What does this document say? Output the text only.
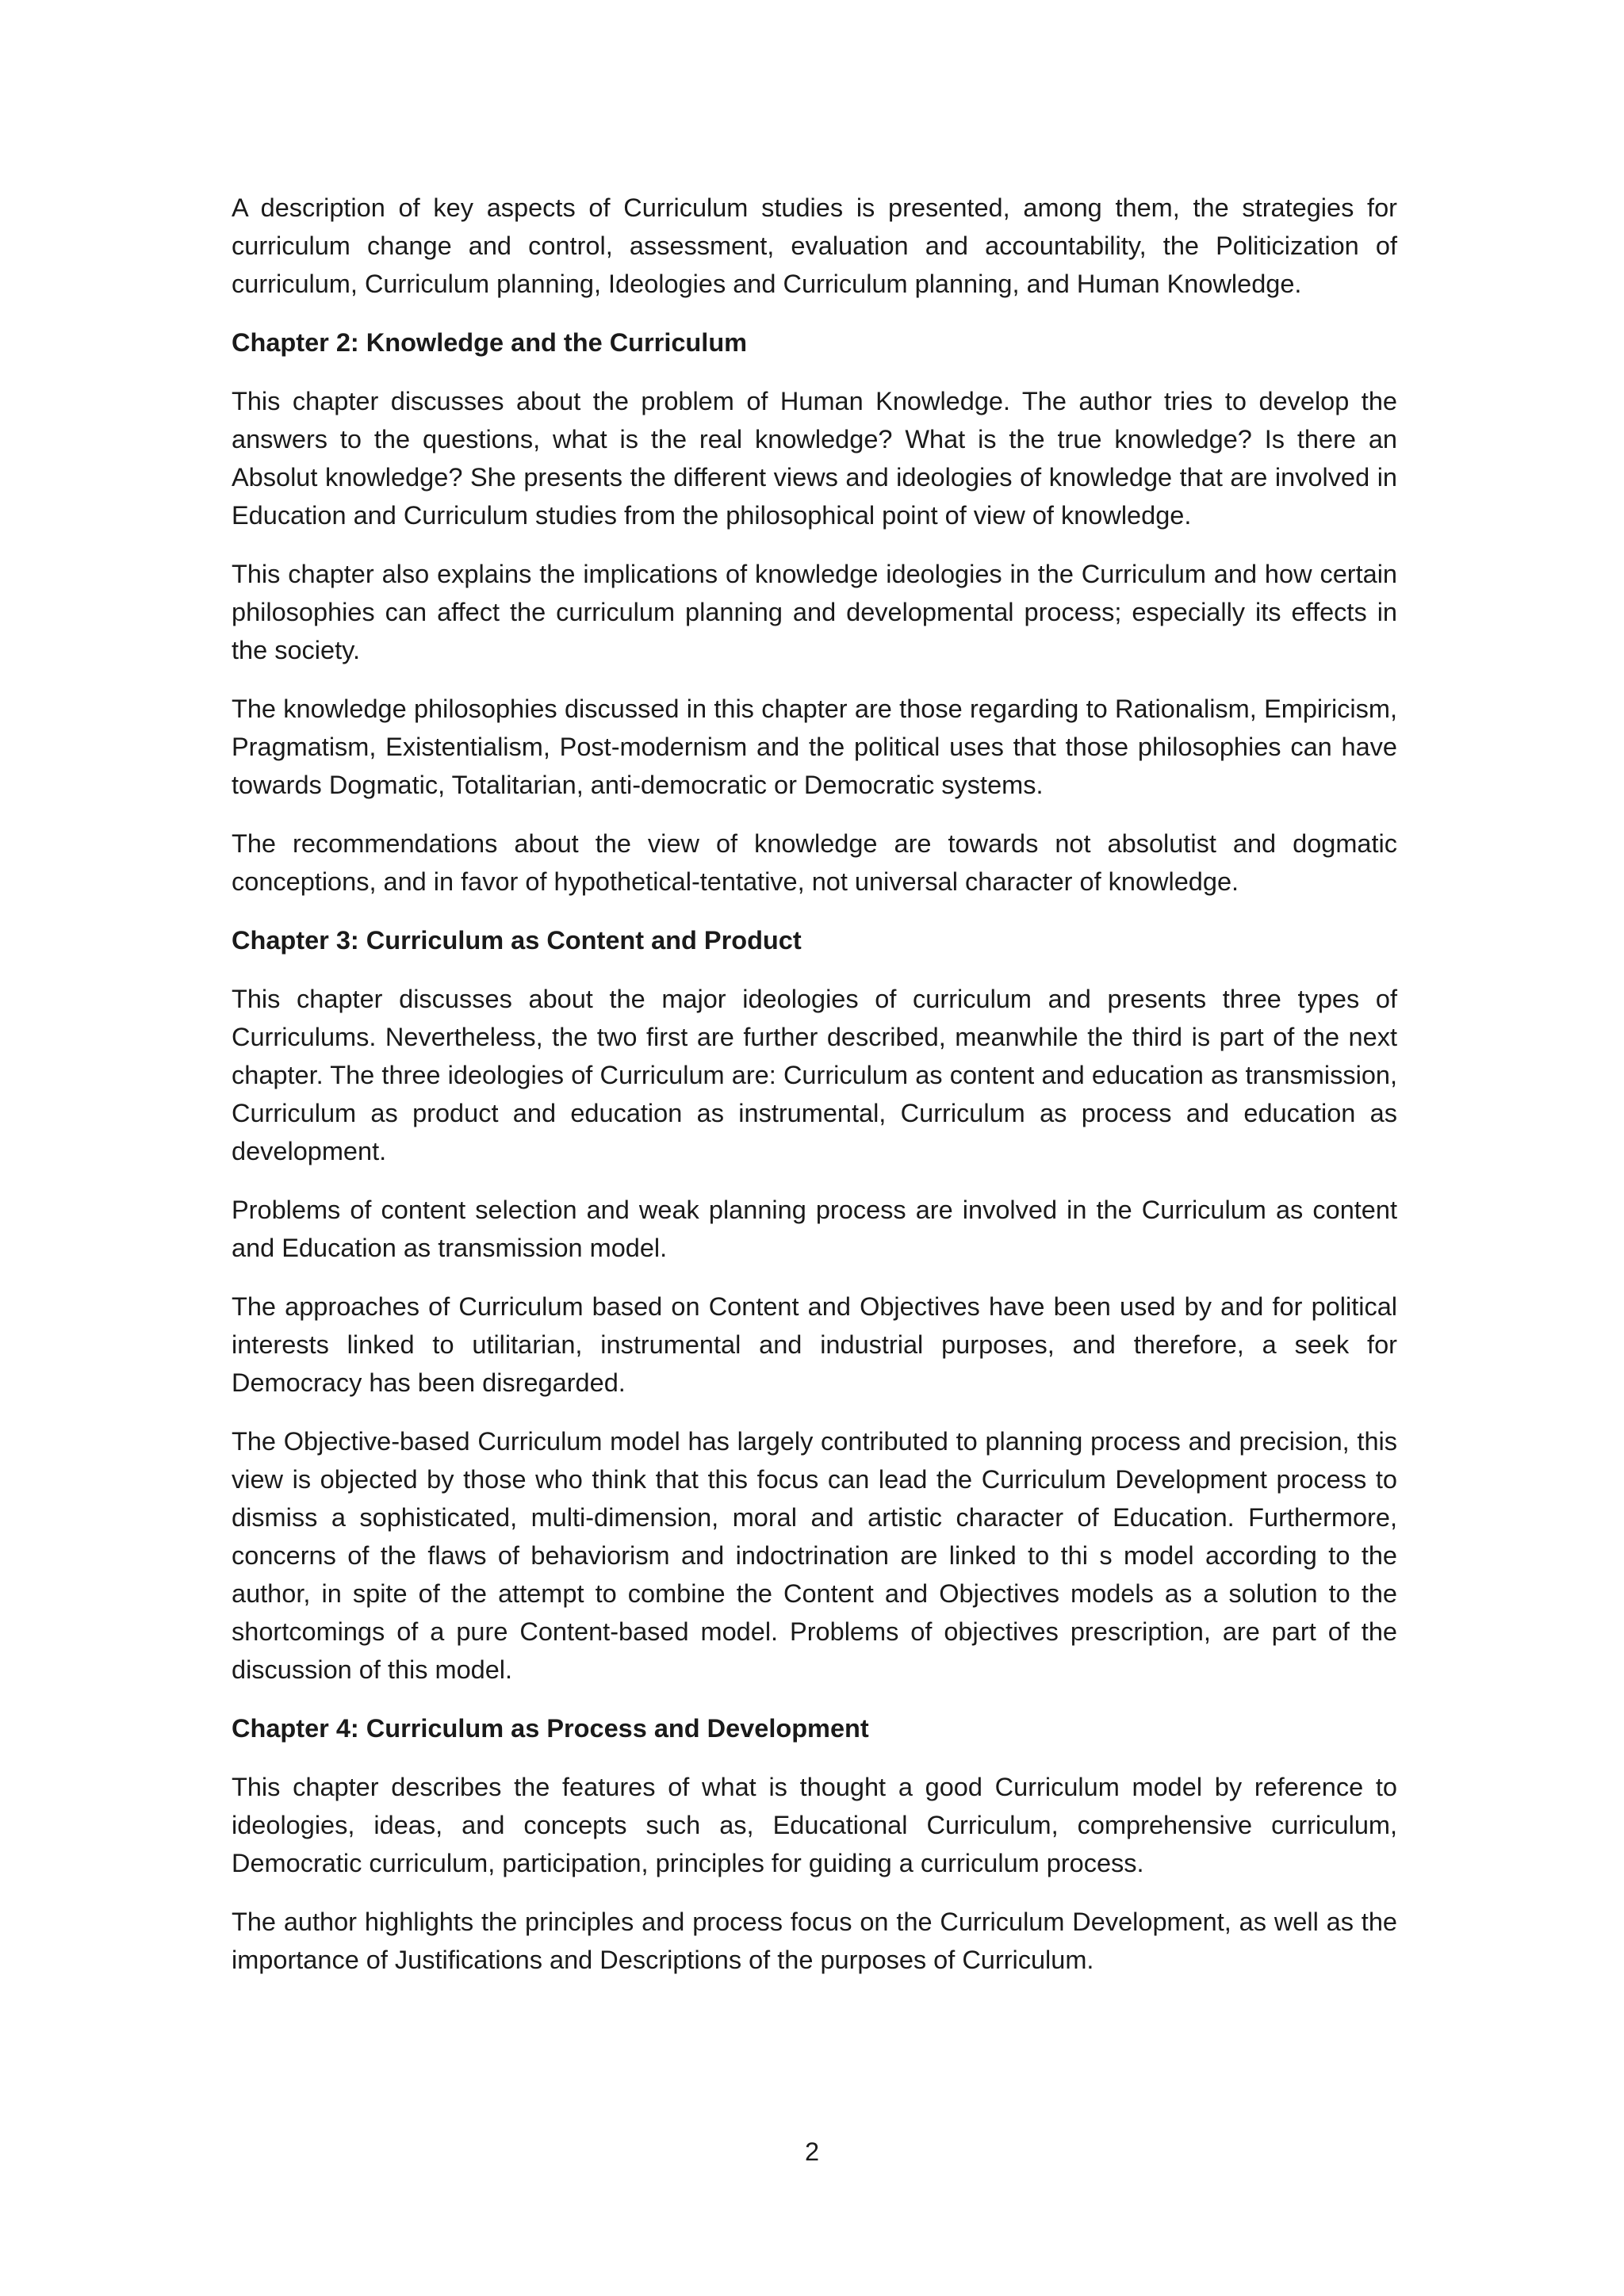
A description of key aspects of Curriculum studies is presented, among them, the strategies for curriculum change and control, assessment, evaluation and accountability, the Politicization of curriculum, Curriculum planning, Ideologies and Curriculum planning, and Human Knowledge.

Chapter 2: Knowledge and the Curriculum

This chapter discusses about the problem of Human Knowledge. The author tries to develop the answers to the questions, what is the real knowledge? What is the true knowledge? Is there an Absolut knowledge? She presents the different views and ideologies of knowledge that are involved in Education and Curriculum studies from the philosophical point of view of knowledge.

This chapter also explains the implications of knowledge ideologies in the Curriculum and how certain philosophies can affect the curriculum planning and developmental process; especially its effects in the society.

The knowledge philosophies discussed in this chapter are those regarding to Rationalism, Empiricism, Pragmatism, Existentialism, Post-modernism and the political uses that those philosophies can have towards Dogmatic, Totalitarian, anti-democratic or Democratic systems.

The recommendations about the view of knowledge are towards not absolutist and dogmatic conceptions, and in favor of hypothetical-tentative, not universal character of knowledge.

Chapter 3: Curriculum as Content and Product

This chapter discusses about the major ideologies of curriculum and presents three types of Curriculums. Nevertheless, the two first are further described, meanwhile the third is part of the next chapter. The three ideologies of Curriculum are: Curriculum as content and education as transmission, Curriculum as product and education as instrumental, Curriculum as process and education as development.

Problems of content selection and weak planning process are involved in the Curriculum as content and Education as transmission model.

The approaches of Curriculum based on Content and Objectives have been used by and for political interests linked to utilitarian, instrumental and industrial purposes, and therefore, a seek for Democracy has been disregarded.

The Objective-based Curriculum model has largely contributed to planning process and precision, this view is objected by those who think that this focus can lead the Curriculum Development process to dismiss a sophisticated, multi-dimension, moral and artistic character of Education. Furthermore, concerns of the flaws of behaviorism and indoctrination are linked to thi s model according to the author, in spite of the attempt to combine the Content and Objectives models as a solution to the shortcomings of a pure Content-based model. Problems of objectives prescription, are part of the discussion of this model.

Chapter 4: Curriculum as Process and Development

This chapter describes the features of what is thought a good Curriculum model by reference to ideologies, ideas, and concepts such as, Educational Curriculum, comprehensive curriculum, Democratic curriculum, participation, principles for guiding a curriculum process.

The author highlights the principles and process focus on the Curriculum Development, as well as the importance of Justifications and Descriptions of the purposes of Curriculum.

2
